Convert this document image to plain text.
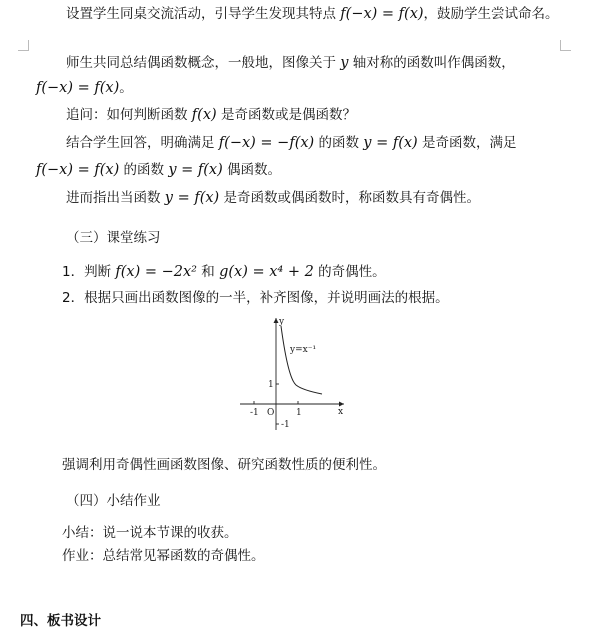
设置学生同桌交流活动，引导学生发现其特点 f(−x) = f(x)，鼓励学生尝试命名。
师生共同总结偶函数概念，一般地，图像关于 y 轴对称的函数叫作偶函数，
f(−x) = f(x)。
追问：如何判断函数 f(x) 是奇函数或是偶函数？
结合学生回答，明确满足 f(−x) = −f(x) 的函数 y = f(x) 是奇函数，满足
f(−x) = f(x) 的函数 y = f(x) 偶函数。
进而指出当函数 y = f(x) 是奇函数或偶函数时，称函数具有奇偶性。
（三）课堂练习
1．判断 f(x) = −2x² 和 g(x) = x⁴ + 2 的奇偶性。
2．根据只画出函数图像的一半，补齐图像，并说明画法的根据。
y
x
y=x⁻¹
O
-1	1
1
-1
强调利用奇偶性画函数图像、研究函数性质的便利性。
（四）小结作业
小结：说一说本节课的收获。
作业：总结常见幂函数的奇偶性。
四、板书设计
